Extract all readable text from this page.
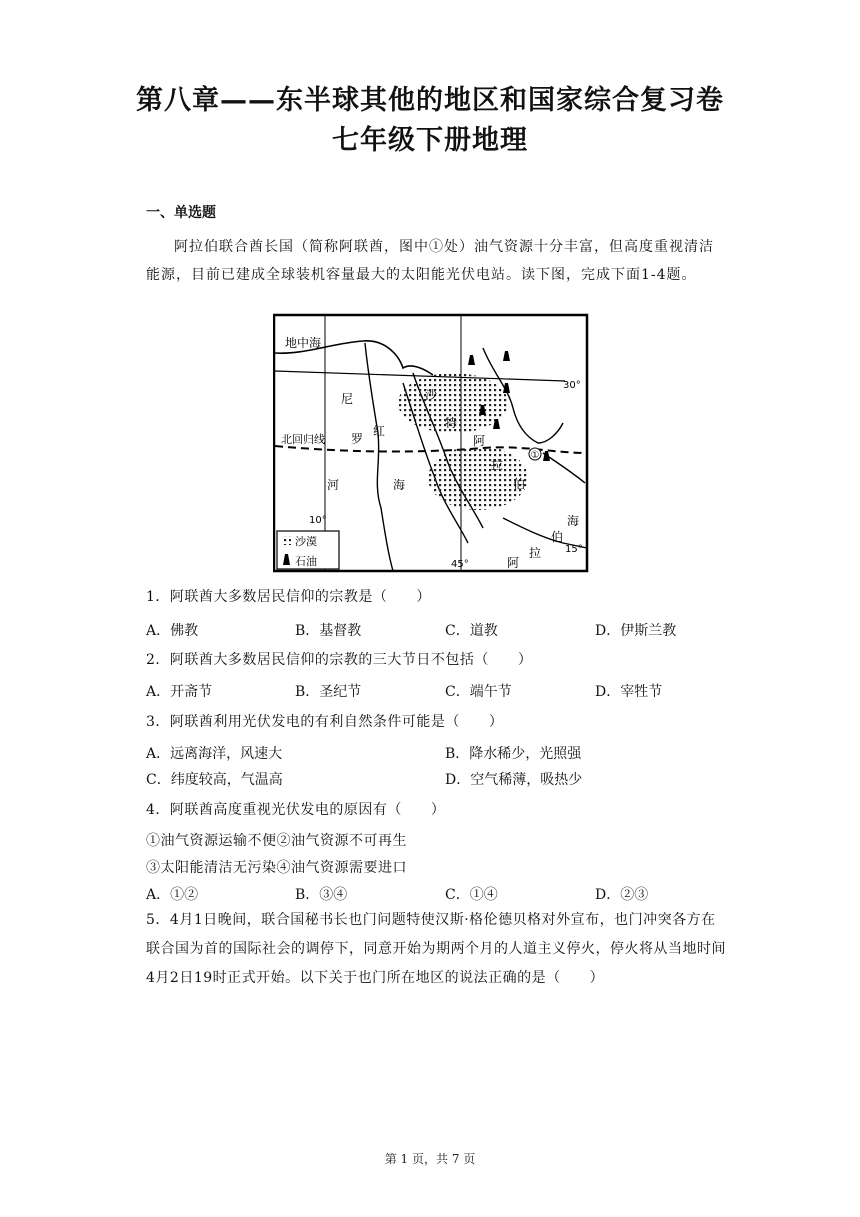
第八章——东半球其他的地区和国家综合复习卷
七年级下册地理
一、单选题
阿拉伯联合酋长国（简称阿联酋，图中①处）油气资源十分丰富，但高度重视清洁能源，目前已建成全球装机容量最大的太阳能光伏电站。读下图，完成下面1-4题。
①
地中海
尼
罗
河
红
海
沙
特
阿
拉
伯
北回归线
30°
15°
10°
45°
海
伯
拉
阿
沙漠
石油
1．阿联酋大多数居民信仰的宗教是（　　）
A．佛教	B．基督教	C．道教	D．伊斯兰教
2．阿联酋大多数居民信仰的宗教的三大节日不包括（　　）
A．开斋节	B．圣纪节	C．端午节	D．宰牲节
3．阿联酋利用光伏发电的有利自然条件可能是（　　）
A．远离海洋，风速大	B．降水稀少，光照强
C．纬度较高，气温高	D．空气稀薄，吸热少
4．阿联酋高度重视光伏发电的原因有（　　）
①油气资源运输不便②油气资源不可再生
③太阳能清洁无污染④油气资源需要进口
A．①②	B．③④	C．①④	D．②③
5．4月1日晚间，联合国秘书长也门问题特使汉斯·格伦德贝格对外宣布，也门冲突各方在联合国为首的国际社会的调停下，同意开始为期两个月的人道主义停火，停火将从当地时间4月2日19时正式开始。以下关于也门所在地区的说法正确的是（　　）
第 1 页，共 7 页
